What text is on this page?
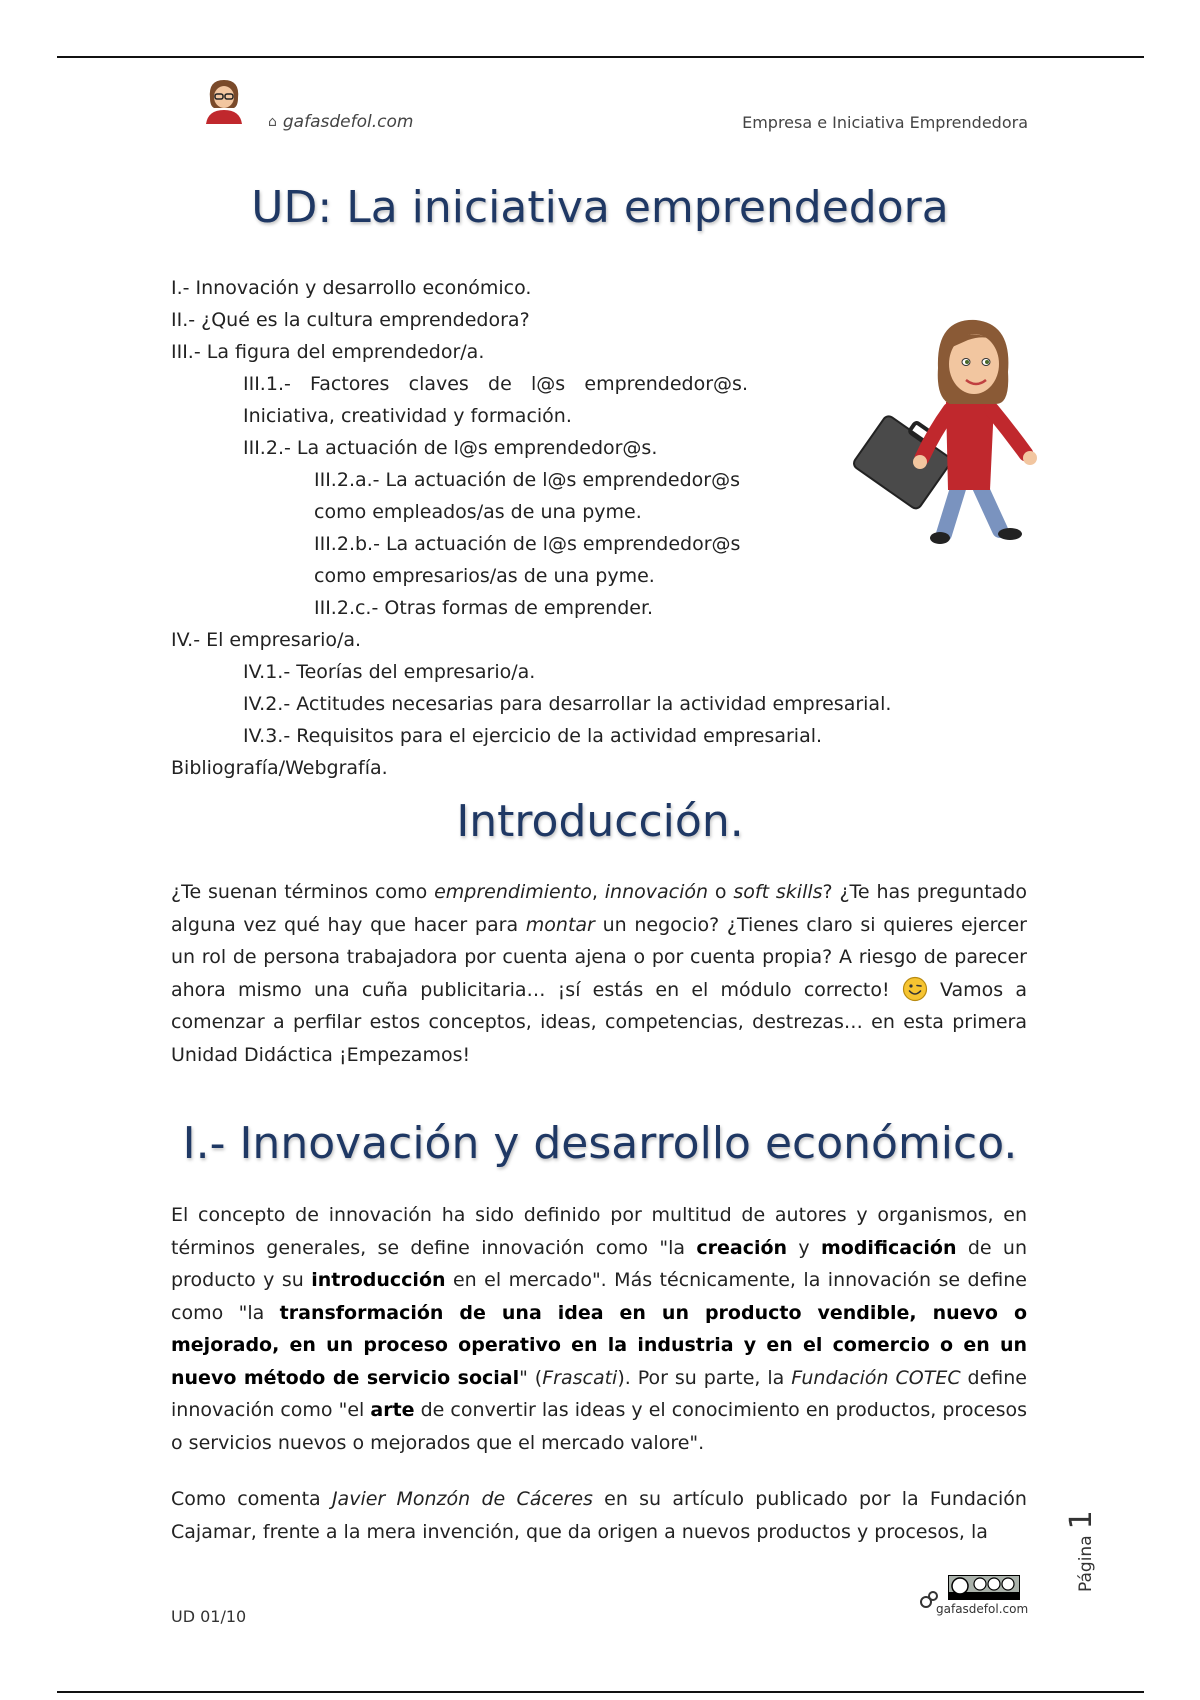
⌂ gafasdefol.com	Empresa e Iniciativa Emprendedora
UD: La iniciativa emprendedora
I.- Innovación y desarrollo económico.
II.- ¿Qué es la cultura emprendedora?
III.- La figura del emprendedor/a.
III.1.- Factores claves de l@s emprendedor@s.
Iniciativa, creatividad y formación.
III.2.- La actuación de l@s emprendedor@s.
III.2.a.- La actuación de l@s emprendedor@s
como empleados/as de una pyme.
III.2.b.- La actuación de l@s emprendedor@s
como empresarios/as de una pyme.
III.2.c.- Otras formas de emprender.
IV.- El empresario/a.
IV.1.- Teorías del empresario/a.
IV.2.- Actitudes necesarias para desarrollar la actividad empresarial.
IV.3.- Requisitos para el ejercicio de la actividad empresarial.
Bibliografía/Webgrafía.
Introducción.

¿Te suenan términos como emprendimiento, innovación o soft skills? ¿Te has preguntado alguna vez qué hay que hacer para montar un negocio? ¿Tienes claro si quieres ejercer un rol de persona trabajadora por cuenta ajena o por cuenta propia? A riesgo de parecer ahora mismo una cuña publicitaria… ¡sí estás en el módulo correcto!  Vamos a comenzar a perfilar estos conceptos, ideas, competencias, destrezas… en esta primera Unidad Didáctica ¡Empezamos!

I.- Innovación y desarrollo económico.

El concepto de innovación ha sido definido por multitud de autores y organismos, en términos generales, se define innovación como "la creación y modificación de un producto y su introducción en el mercado". Más técnicamente, la innovación se define como "la transformación de una idea en un producto vendible, nuevo o mejorado, en un proceso operativo en la industria y en el comercio o en un nuevo método de servicio social" (Frascati). Por su parte, la Fundación COTEC define innovación como "el arte de convertir las ideas y el conocimiento en productos, procesos o servicios nuevos o mejorados que el mercado valore".

Como comenta Javier Monzón de Cáceres en su artículo publicado por la Fundación Cajamar, frente a la mera invención, que da origen a nuevos productos y procesos, la

Página
1
UD 01/10	gafasdefol.com
